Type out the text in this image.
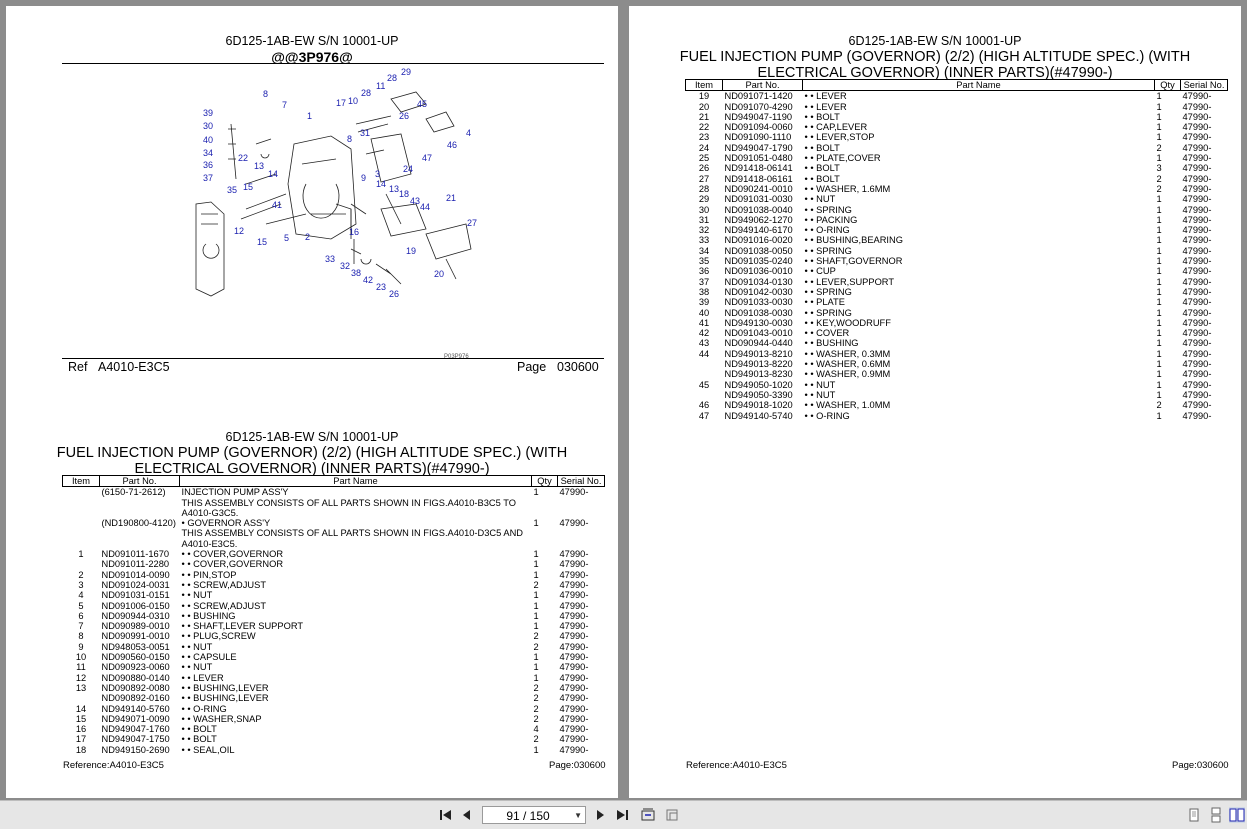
6D125-1AB-EW S/N 10001-UP
@@3P976@
8
7
1
17 10
28
11
28
29
39
30
40
34
36
37
22
13
14
35 15
8
31
45
26
4
46
47
24
3
9
14 13 18
43
44
21
27
12
41
5 2
15
16
19
33
32
38
42
23
26
20
P03P976
Ref A4010-E3C5	Page 030600
6D125-1AB-EW S/N 10001-UP
FUEL INJECTION PUMP (GOVERNOR) (2/2) (HIGH ALTITUDE SPEC.) (WITH
ELECTRICAL GOVERNOR) (INNER PARTS)(#47990-)
Item	Part No.	Part Name	Qty	Serial No.
	(6150-71-2612)	INJECTION PUMP ASS'Y	1	47990-
		THIS ASSEMBLY CONSISTS OF ALL PARTS SHOWN IN FIGS.A4010-B3C5 TO A4010-G3C5.		
	(ND190800-4120)	• GOVERNOR ASS'Y	1	47990-
		THIS ASSEMBLY CONSISTS OF ALL PARTS SHOWN IN FIGS.A4010-D3C5 AND A4010-E3C5.		
1	ND091011-1670	• • COVER,GOVERNOR	1	47990-
	ND091011-2280	• • COVER,GOVERNOR	1	47990-
2	ND091014-0090	• • PIN,STOP	1	47990-
3	ND091024-0031	• • SCREW,ADJUST	2	47990-
4	ND091031-0151	• • NUT	1	47990-
5	ND091006-0150	• • SCREW,ADJUST	1	47990-
6	ND090944-0310	• • BUSHING	1	47990-
7	ND090989-0010	• • SHAFT,LEVER SUPPORT	1	47990-
8	ND090991-0010	• • PLUG,SCREW	2	47990-
9	ND948053-0051	• • NUT	2	47990-
10	ND090560-0150	• • CAPSULE	1	47990-
11	ND090923-0060	• • NUT	1	47990-
12	ND090880-0140	• • LEVER	1	47990-
13	ND090892-0080	• • BUSHING,LEVER	2	47990-
	ND090892-0160	• • BUSHING,LEVER	2	47990-
14	ND949140-5760	• • O-RING	2	47990-
15	ND949071-0090	• • WASHER,SNAP	2	47990-
16	ND949047-1760	• • BOLT	4	47990-
17	ND949047-1750	• • BOLT	2	47990-
18	ND949150-2690	• • SEAL,OIL	1	47990-
Reference:A4010-E3C5	Page:030600
6D125-1AB-EW S/N 10001-UP
FUEL INJECTION PUMP (GOVERNOR) (2/2) (HIGH ALTITUDE SPEC.) (WITH
ELECTRICAL GOVERNOR) (INNER PARTS)(#47990-)
Item	Part No.	Part Name	Qty	Serial No.
19	ND091071-1420	• • LEVER	1	47990-
20	ND091070-4290	• • LEVER	1	47990-
21	ND949047-1190	• • BOLT	1	47990-
22	ND091094-0060	• • CAP,LEVER	1	47990-
23	ND091090-1110	• • LEVER,STOP	1	47990-
24	ND949047-1790	• • BOLT	2	47990-
25	ND091051-0480	• • PLATE,COVER	1	47990-
26	ND91418-06141	• • BOLT	3	47990-
27	ND91418-06161	• • BOLT	2	47990-
28	ND090241-0010	• • WASHER, 1.6MM	2	47990-
29	ND091031-0030	• • NUT	1	47990-
30	ND091038-0040	• • SPRING	1	47990-
31	ND949062-1270	• • PACKING	1	47990-
32	ND949140-6170	• • O-RING	1	47990-
33	ND091016-0020	• • BUSHING,BEARING	1	47990-
34	ND091038-0050	• • SPRING	1	47990-
35	ND091035-0240	• • SHAFT,GOVERNOR	1	47990-
36	ND091036-0010	• • CUP	1	47990-
37	ND091034-0130	• • LEVER,SUPPORT	1	47990-
38	ND091042-0030	• • SPRING	1	47990-
39	ND091033-0030	• • PLATE	1	47990-
40	ND091038-0030	• • SPRING	1	47990-
41	ND949130-0030	• • KEY,WOODRUFF	1	47990-
42	ND091043-0010	• • COVER	1	47990-
43	ND090944-0440	• • BUSHING	1	47990-
44	ND949013-8210	• • WASHER, 0.3MM	1	47990-
	ND949013-8220	• • WASHER, 0.6MM	1	47990-
	ND949013-8230	• • WASHER, 0.9MM	1	47990-
45	ND949050-1020	• • NUT	1	47990-
	ND949050-3390	• • NUT	1	47990-
46	ND949018-1020	• • WASHER, 1.0MM	2	47990-
47	ND949140-5740	• • O-RING	1	47990-
Reference:A4010-E3C5	Page:030600
91 / 150	▼
